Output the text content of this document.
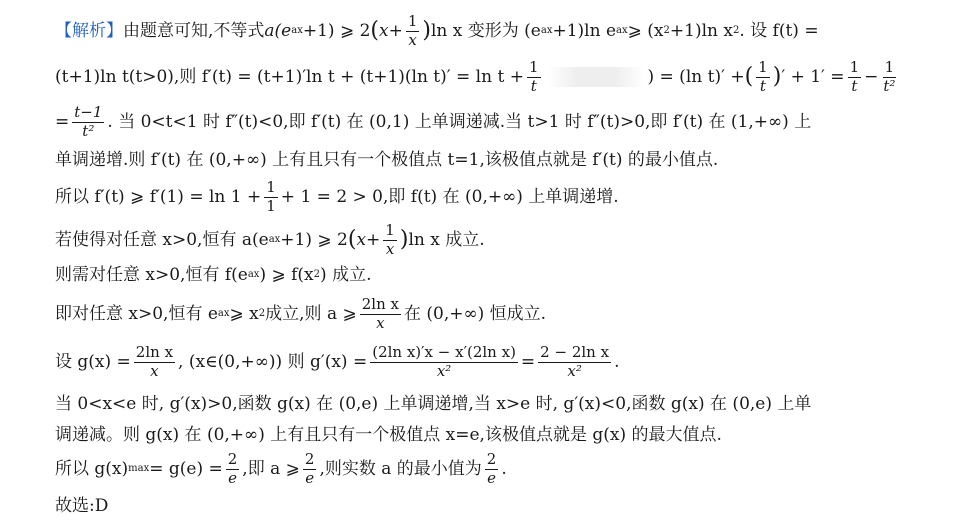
【解析】 由题意可知,不等式 a(e ax +1) ⩾ 2 ( $x+ \frac{1}{x}$ ) ln x 变形为 (e ax +1)ln e ax ⩾ (x 2 +1)ln x 2 . 设 f(t) =
(t+1)ln t(t>0),则 f′(t) = (t+1)′ln t + (t+1)(ln $t)' = \ln t + \frac{1}{t}$	) = (ln t)′ + ( $\frac{1}{t}$ ) ′ + $1' = \frac{1}{t} - \frac{1}{\text{t²}}$
= $\frac{t-1}{\text{t²}}$ . 当 0<t<1 时 f″(t)<0,即 f′(t) 在 (0,1) 上单调递减.当 t>1 时 f″(t)>0,即 f′(t) 在 (1,+∞) 上
单调递增.则 f′(t) 在 (0,+∞) 上有且只有一个极值点 t=1,该极值点就是 f′(t) 的最小值点.
所以 f′(t) ⩾ $f'(1) = \ln 1 + \frac{1}{1} + 1 = 2 > 0$,即 f(t) 在 (0,+∞) 上单调递增.
若使得对任意 x>0,恒有 a(e ax +1) ⩾ 2 ( $x+ \frac{1}{x}$ ) ln x 成立.
则需对任意 x>0,恒有 f(e ax ) ⩾ f(x 2 ) 成立.
即对任意 x>0,恒有 e ax ⩾ x 2 成立,则 a ⩾ $\frac{\text{2ln x}}{x}$ 在 (0,+∞) 恒成立.
设 $g(x) = \frac{\text{2ln x}}{x}$ , (x∈(0,+∞)) 则 $g'(x) = \frac{\text{(2ln x)′x − x′(2ln x)}}{\text{x²}} = \frac{\text{2 − 2ln x}}{\text{x²}}$ .
当 0<x<e 时, g′(x)>0,函数 g(x) 在 (0,e) 上单调递增,当 x>e 时, g′(x)<0,函数 g(x) 在 (0,e) 上单
调递减。则 g(x) 在 (0,+∞) 上有且只有一个极值点 x=e,该极值点就是 g(x) 的最大值点.
所以 g(x) $\max = g(e) = \frac{2}{e}$ ,即 a ⩾ $\frac{2}{e}$ ,则实数 a 的最小值为 $\frac{2}{e}$ .
故选:D
